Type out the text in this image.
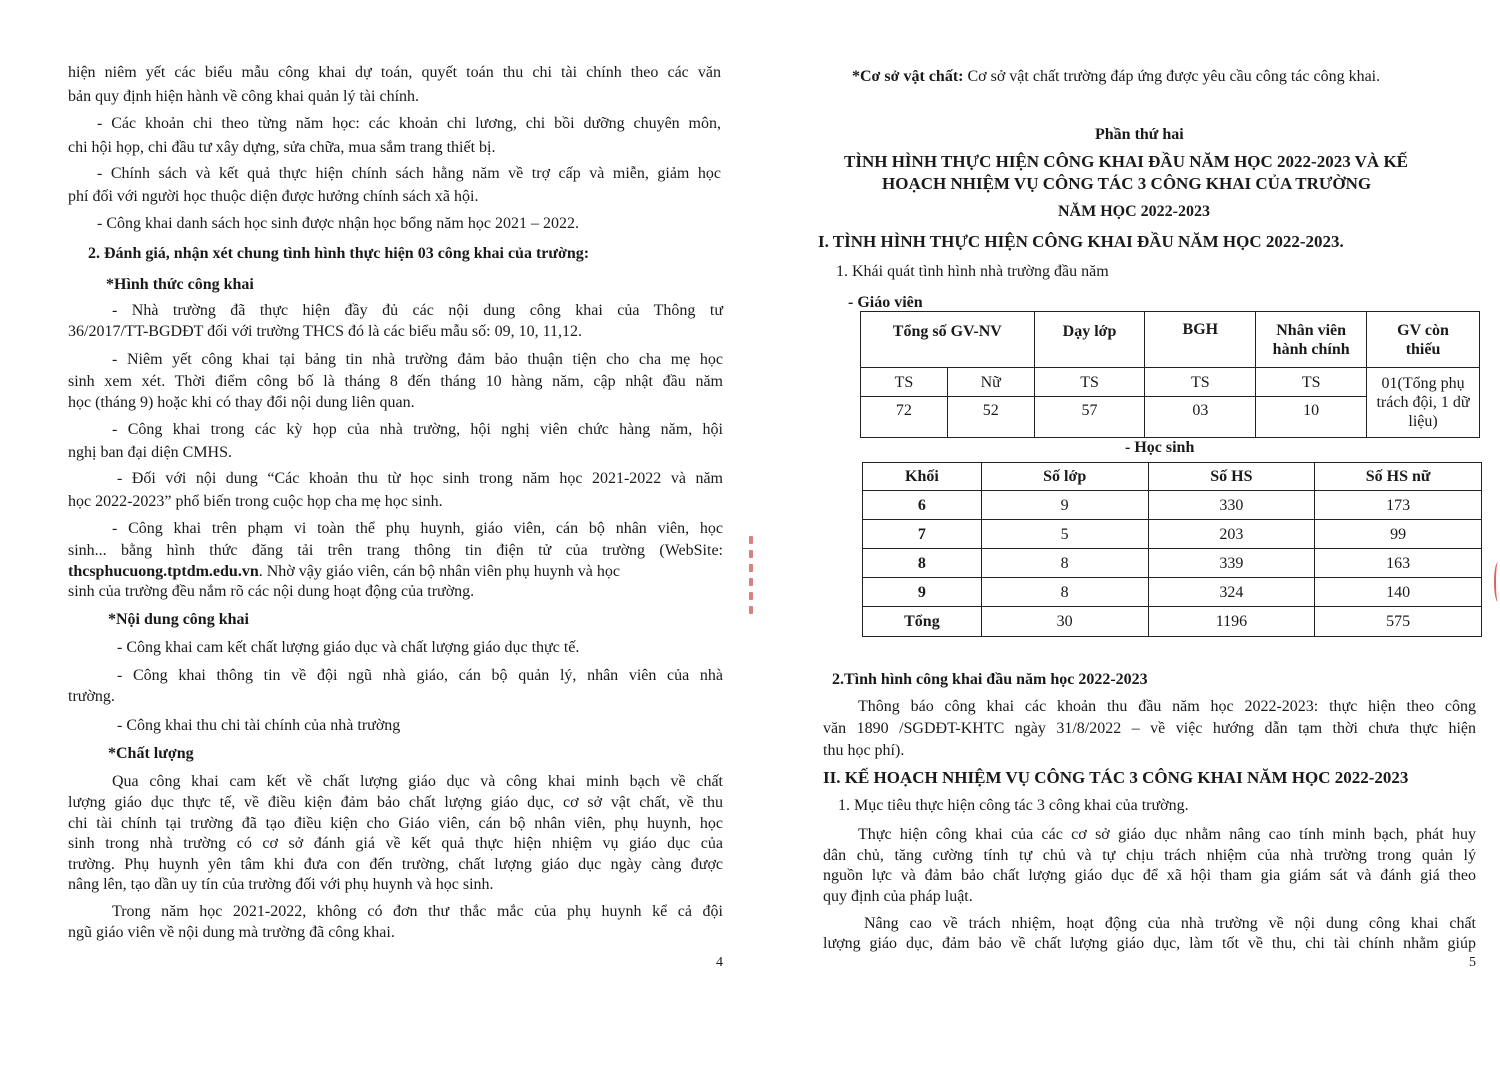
hiện niêm yết các biểu mẫu công khai dự toán, quyết toán thu chi tài chính theo các văn
bản quy định hiện hành về công khai quản lý tài chính.
- Các khoản chi theo từng năm học: các khoản chi lương, chi bồi dưỡng chuyên môn,
chi hội họp, chi đầu tư xây dựng, sửa chữa, mua sắm trang thiết bị.
- Chính sách và kết quả thực hiện chính sách hằng năm về trợ cấp và miễn, giảm học
phí đối với người học thuộc diện được hưởng chính sách xã hội.
- Công khai danh sách học sinh được nhận học bổng năm học 2021 – 2022.
2. Đánh giá, nhận xét chung tình hình thực hiện 03 công khai của trường:
*Hình thức công khai
- Nhà trường đã thực hiện đầy đủ các nội dung công khai của Thông tư
36/2017/TT-BGDĐT đối với trường THCS đó là các biểu mẫu số: 09, 10, 11,12.
- Niêm yết công khai tại bảng tin nhà trường đảm bảo thuận tiện cho cha mẹ học
sinh xem xét. Thời điểm công bố là tháng 8 đến tháng 10 hàng năm, cập nhật đầu năm
học (tháng 9) hoặc khi có thay đổi nội dung liên quan.
- Công khai trong các kỳ họp của nhà trường, hội nghị viên chức hàng năm, hội
nghị ban đại diện CMHS.
- Đối với nội dung “Các khoản thu từ học sinh trong năm học 2021-2022 và năm
học 2022-2023” phổ biến trong cuộc họp cha mẹ học sinh.
- Công khai trên phạm vi toàn thể phụ huynh, giáo viên, cán bộ nhân viên, học
sinh... bằng hình thức đăng tải trên trang thông tin điện tử của trường (WebSite:
thcsphucuong.tptdm.edu.vn. Nhờ vậy giáo viên, cán bộ nhân viên phụ huynh và học
sinh của trường đều nắm rõ các nội dung hoạt động của trường.
*Nội dung công khai
- Công khai cam kết chất lượng giáo dục và chất lượng giáo dục thực tế.
- Công khai thông tin về đội ngũ nhà giáo, cán bộ quản lý, nhân viên của nhà
trường.
- Công khai thu chi tài chính của nhà trường
*Chất lượng
Qua công khai cam kết về chất lượng giáo dục và công khai minh bạch về chất
lượng giáo dục thực tế, về điều kiện đảm bảo chất lượng giáo dục, cơ sở vật chất, về thu
chi tài chính tại trường đã tạo điều kiện cho Giáo viên, cán bộ nhân viên, phụ huynh, học
sinh trong nhà trường có cơ sở đánh giá về kết quả thực hiện nhiệm vụ giáo dục của
trường. Phụ huynh yên tâm khi đưa con đến trường, chất lượng giáo dục ngày càng được
nâng lên, tạo dần uy tín của trường đối với phụ huynh và học sinh.
Trong năm học 2021-2022, không có đơn thư thắc mắc của phụ huynh kể cả đội
ngũ giáo viên về nội dung mà trường đã công khai.
4
*Cơ sở vật chất: Cơ sở vật chất trường đáp ứng được yêu cầu công tác công khai.
Phần thứ hai
TÌNH HÌNH THỰC HIỆN CÔNG KHAI ĐẦU NĂM HỌC 2022-2023 VÀ KẾ
HOẠCH NHIỆM VỤ CÔNG TÁC 3 CÔNG KHAI CỦA TRƯỜNG
NĂM HỌC 2022-2023
I. TÌNH HÌNH THỰC HIỆN CÔNG KHAI ĐẦU NĂM HỌC 2022-2023.
1. Khái quát tình hình nhà trường đầu năm
- Giáo viên
Tổng số GV-NV		Dạy lớp	BGH	Nhân viên hành chính	GV còn thiếu
TS	Nữ	TS	TS	TS	01(Tổng phụ trách đội, 1 dữ liệu)
72	52	57	03	10	
- Học sinh
Khối	Số lớp	Số HS	Số HS nữ
6	9	330	173
7	5	203	99
8	8	339	163
9	8	324	140
Tổng	30	1196	575
2.Tình hình công khai đầu năm học 2022-2023
Thông báo công khai các khoản thu đầu năm học 2022-2023: thực hiện theo công
văn 1890 /SGDĐT-KHTC ngày 31/8/2022 – về việc hướng dẫn tạm thời chưa thực hiện
thu học phí).
II. KẾ HOẠCH NHIỆM VỤ CÔNG TÁC 3 CÔNG KHAI NĂM HỌC 2022-2023
1. Mục tiêu thực hiện công tác 3 công khai của trường.
Thực hiện công khai của các cơ sở giáo dục nhằm nâng cao tính minh bạch, phát huy
dân chủ, tăng cường tính tự chủ và tự chịu trách nhiệm của nhà trường trong quản lý
nguồn lực và đảm bảo chất lượng giáo dục để xã hội tham gia giám sát và đánh giá theo
quy định của pháp luật.
Nâng cao về trách nhiệm, hoạt động của nhà trường về nội dung công khai chất
lượng giáo dục, đảm bảo về chất lượng giáo dục, làm tốt về thu, chi tài chính nhằm giúp
5
